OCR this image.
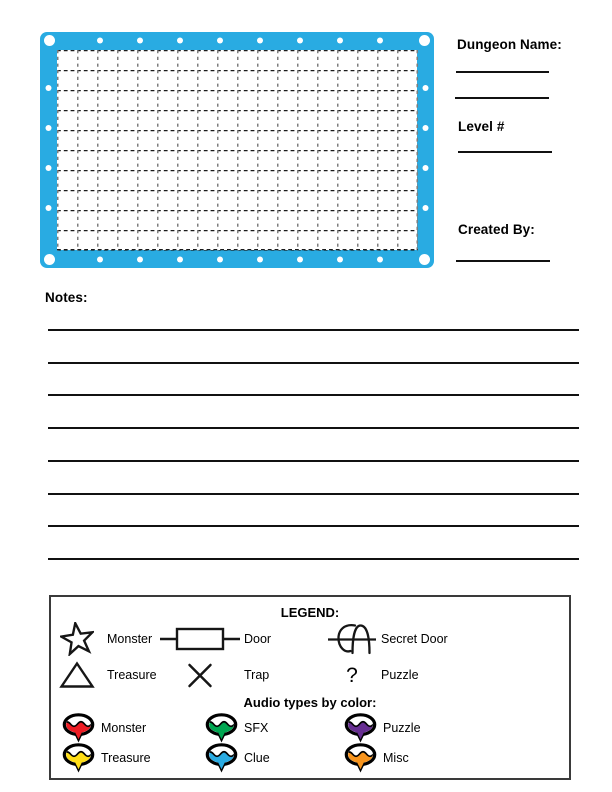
Dungeon Name:
Level #
Created By:
Notes:
LEGEND:
Monster	Door	Secret Door
Treasure	Trap	?	Puzzle
Audio types by color:
Monster	SFX	Puzzle
Treasure	Clue	Misc
